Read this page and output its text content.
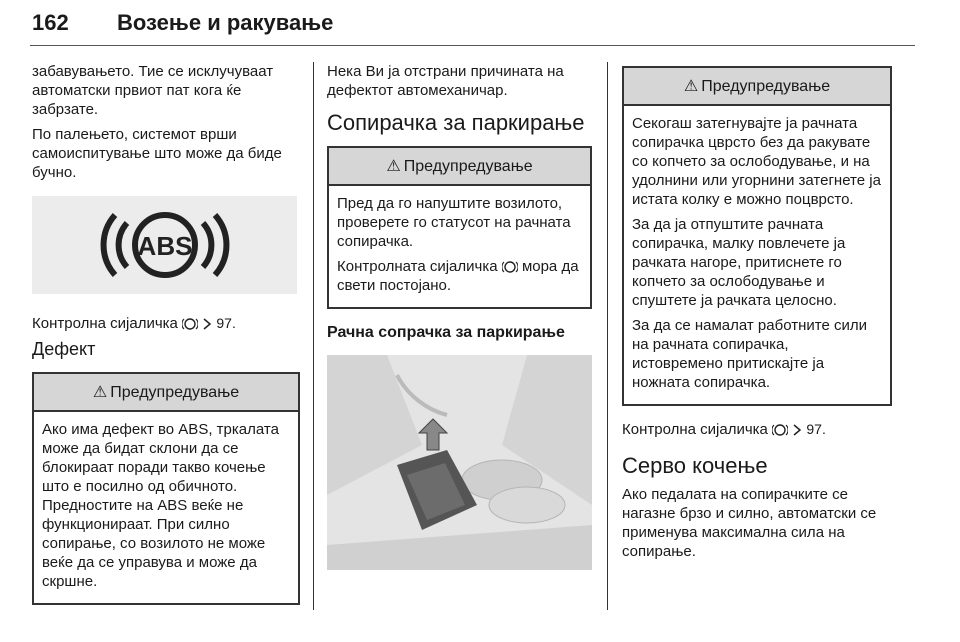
162 Возење и ракување

забавувањето. Тие се исклучуваат автоматски првиот пат кога ќе забрзате.

По палењето, системот врши самоиспитување што може да биде бучно.

ABS

Контролна сијаличка	97.

Дефект
⚠ Предупредување

Ако има дефект во ABS, тркалата може да бидат склони да се блокираат поради такво кочење што е посилно од обичното. Предностите на ABS веќе не функционираат. При силно сопирање, со возилото не може веќе да се управува и може да скршне.

Нека Ви ја отстрани причината на дефектот автомеханичар.

Сопирачка за паркирање
⚠ Предупредување

Пред да го напуштите возилото, проверете го статусот на рачната сопирачка.

Контролната сијаличка мора да свети постојано.

Рачна сопрачка за паркирање
⚠ Предупредување

Секогаш затегнувајте ја рачната сопирачка цврсто без да ракувате со копчето за ослободување, и на удолнини или угорнини затегнете ја истата колку е можно поцврсто.

За да ја отпуштите рачната сопирачка, малку повлечете ја рачката нагоре, притиснете го копчето за ослободување и спуштете ја рачката целосно.

За да се намалат работните сили на рачната сопирачка, истовремено притискајте ја ножната сопирачка.

Контролна сијаличка	97.

Серво кочење

Ако педалата на сопирачките се нагазне брзо и силно, автоматски се применува максимална сила на сопирање.
